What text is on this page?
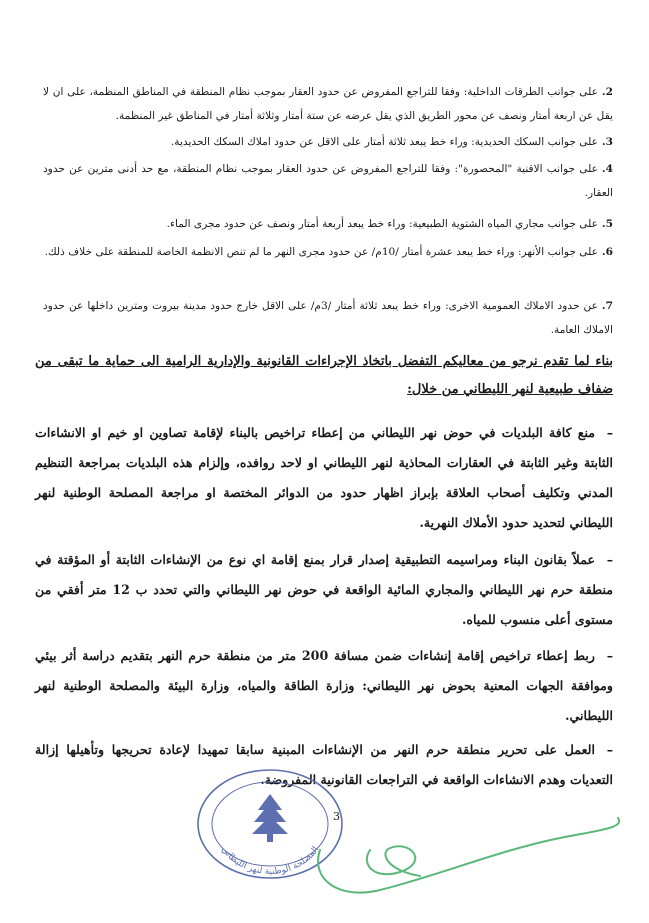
2.على جوانب الطرقات الداخلية: وفقا للتراجع المفروض عن حدود العقار بموجب نظام المنطقة في المناطق المنظمة، على ان لا يقل عن اربعة أمتار ونصف عن محور الطريق الذي يقل عرضه عن ستة أمتار وثلاثة أمتار في المناطق غير المنظمة.
3.على جوانب السكك الحديدية: وراء خط يبعد ثلاثة أمتار على الاقل عن حدود املاك السكك الحديدية.
4.على جوانب الاقنية "المحصورة": وفقا للتراجع المفروض عن حدود العقار بموجب نظام المنطقة، مع حد أدنى مترين عن حدود العقار.
5.على جوانب مجاري المياه الشتوية الطبيعية: وراء خط يبعد أربعة أمتار ونصف عن حدود مجرى الماء.
6.على جوانب الأنهر: وراء خط يبعد عشرة أمتار /10م/ عن حدود مجرى النهر ما لم تنص الانظمة الخاصة للمنطقة على خلاف ذلك.
7.عن حدود الاملاك العمومية الاخرى: وراء خط يبعد ثلاثة أمتار /3م/ على الاقل خارج حدود مدينة بيروت ومترين داخلها عن حدود الاملاك العامة.
بناء لما تقدم نرجو من معاليكم التفضل باتخاذ الإجراءات القانونية والإدارية الرامية الى حماية ما تبقى من ضفاف طبيعية لنهر الليطاني من خلال:
–منع كافة البلديات في حوض نهر الليطاني من إعطاء تراخيص بالبناء لإقامة تصاوين او خيم او الانشاءات الثابتة وغير الثابتة في العقارات المحاذية لنهر الليطاني او لاحد روافده، وإلزام هذه البلديات بمراجعة التنظيم المدني وتكليف أصحاب العلاقة بإبراز اظهار حدود من الدوائر المختصة او مراجعة المصلحة الوطنية لنهر الليطاني لتحديد حدود الأملاك النهرية.
–عملاً بقانون البناء ومراسيمه التطبيقية إصدار قرار بمنع إقامة اي نوع من الإنشاءات الثابتة أو المؤقتة في منطقة حرم نهر الليطاني والمجاري المائية الواقعة في حوض نهر الليطاني والتي تحدد ب 12 متر أفقي من مستوى أعلى منسوب للمياه.
–ربط إعطاء تراخيص إقامة إنشاءات ضمن مسافة 200 متر من منطقة حرم النهر بتقديم دراسة أثر بيئي وموافقة الجهات المعنية بحوض نهر الليطاني: وزارة الطاقة والمياه، وزارة البيئة والمصلحة الوطنية لنهر الليطاني.
–العمل على تحرير منطقة حرم النهر من الإنشاءات المبنية سابقا تمهيدا لإعادة تحريجها وتأهيلها إزالة التعديات وهدم الانشاءات الواقعة في التراجعات القانونية المفروضة.
المصلحة الوطنية لنهر الليطاني
3
